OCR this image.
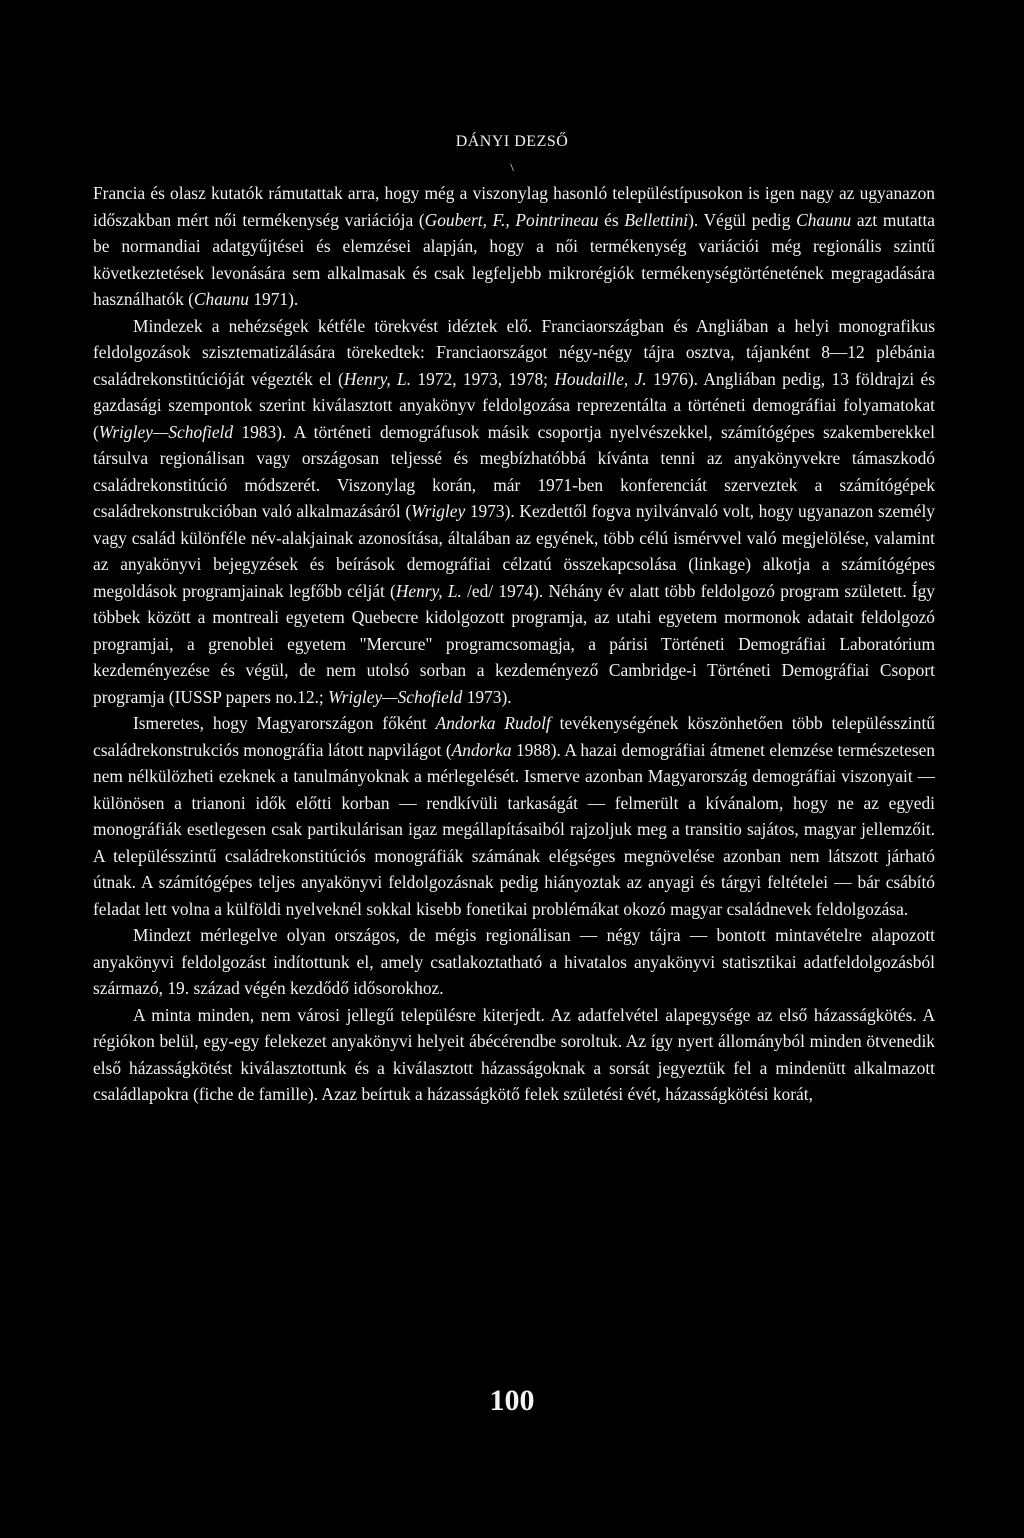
DÁNYI DEZSŐ
\

Francia és olasz kutatók rámutattak arra, hogy még a viszonylag hasonló településtípusokon is igen nagy az ugyanazon időszakban mért női termékenység variációja (Goubert, F., Pointrineau és Bellettini). Végül pedig Chaunu azt mutatta be normandiai adatgyűjtései és elemzései alapján, hogy a női termékenység variációi még regionális szintű következtetések levonására sem alkalmasak és csak legfeljebb mikrorégiók termékenységtörténetének megragadására használhatók (Chaunu 1971).

Mindezek a nehézségek kétféle törekvést idéztek elő. Franciaországban és Angliában a helyi monografikus feldolgozások szisztematizálására törekedtek: Franciaországot négy-négy tájra osztva, tájanként 8—12 plébánia családrekonstitúcióját végezték el (Henry, L. 1972, 1973, 1978; Houdaille, J. 1976). Angliában pedig, 13 földrajzi és gazdasági szempontok szerint kiválasztott anyakönyv feldolgozása reprezentálta a történeti demográfiai folyamatokat (Wrigley—Schofield 1983). A történeti demográfusok másik csoportja nyelvészekkel, számítógépes szakemberekkel társulva regionálisan vagy országosan teljessé és megbízhatóbbá kívánta tenni az anyakönyvekre támaszkodó családrekonstitúció módszerét. Viszonylag korán, már 1971-ben konferenciát szerveztek a számítógépek családrekonstrukcióban való alkalmazásáról (Wrigley 1973). Kezdettől fogva nyilvánvaló volt, hogy ugyanazon személy vagy család különféle név-alakjainak azonosítása, általában az egyének, több célú ismérvvel való megjelölése, valamint az anyakönyvi bejegyzések és beírások demográfiai célzatú összekapcsolása (linkage) alkotja a számítógépes megoldások programjainak legfőbb célját (Henry, L. /ed/ 1974). Néhány év alatt több feldolgozó program született. Így többek között a montreali egyetem Quebecre kidolgozott programja, az utahi egyetem mormonok adatait feldolgozó programjai, a grenoblei egyetem "Mercure" programcsomagja, a párisi Történeti Demográfiai Laboratórium kezdeményezése és végül, de nem utolsó sorban a kezdeményező Cambridge-i Történeti Demográfiai Csoport programja (IUSSP papers no.12.; Wrigley—Schofield 1973).

Ismeretes, hogy Magyarországon főként Andorka Rudolf tevékenységének köszönhetően több településszintű családrekonstrukciós monográfia látott napvilágot (Andorka 1988). A hazai demográfiai átmenet elemzése természetesen nem nélkülözheti ezeknek a tanulmányoknak a mérlegelését. Ismerve azonban Magyarország demográfiai viszonyait — különösen a trianoni idők előtti korban — rendkívüli tarkaságát — felmerült a kívánalom, hogy ne az egyedi monográfiák esetlegesen csak partikulárisan igaz megállapításaiból rajzoljuk meg a transitio sajátos, magyar jellemzőit. A településszintű családrekonstitúciós monográfiák számának elégséges megnövelése azonban nem látszott járható útnak. A számítógépes teljes anyakönyvi feldolgozásnak pedig hiányoztak az anyagi és tárgyi feltételei — bár csábító feladat lett volna a külföldi nyelveknél sokkal kisebb fonetikai problémákat okozó magyar családnevek feldolgozása.

Mindezt mérlegelve olyan országos, de mégis regionálisan — négy tájra — bontott mintavételre alapozott anyakönyvi feldolgozást indítottunk el, amely csatlakoztatható a hivatalos anyakönyvi statisztikai adatfeldolgozásból származó, 19. század végén kezdődő idősorokhoz.

A minta minden, nem városi jellegű településre kiterjedt. Az adatfelvétel alapegysége az első házasságkötés. A régiókon belül, egy-egy felekezet anyakönyvi helyeit ábécérendbe soroltuk. Az így nyert állományból minden ötvenedik első házasságkötést kiválasztottunk és a kiválasztott házasságoknak a sorsát jegyeztük fel a mindenütt alkalmazott családlapokra (fiche de famille). Azaz beírtuk a házasságkötő felek születési évét, házasságkötési korát,

100
